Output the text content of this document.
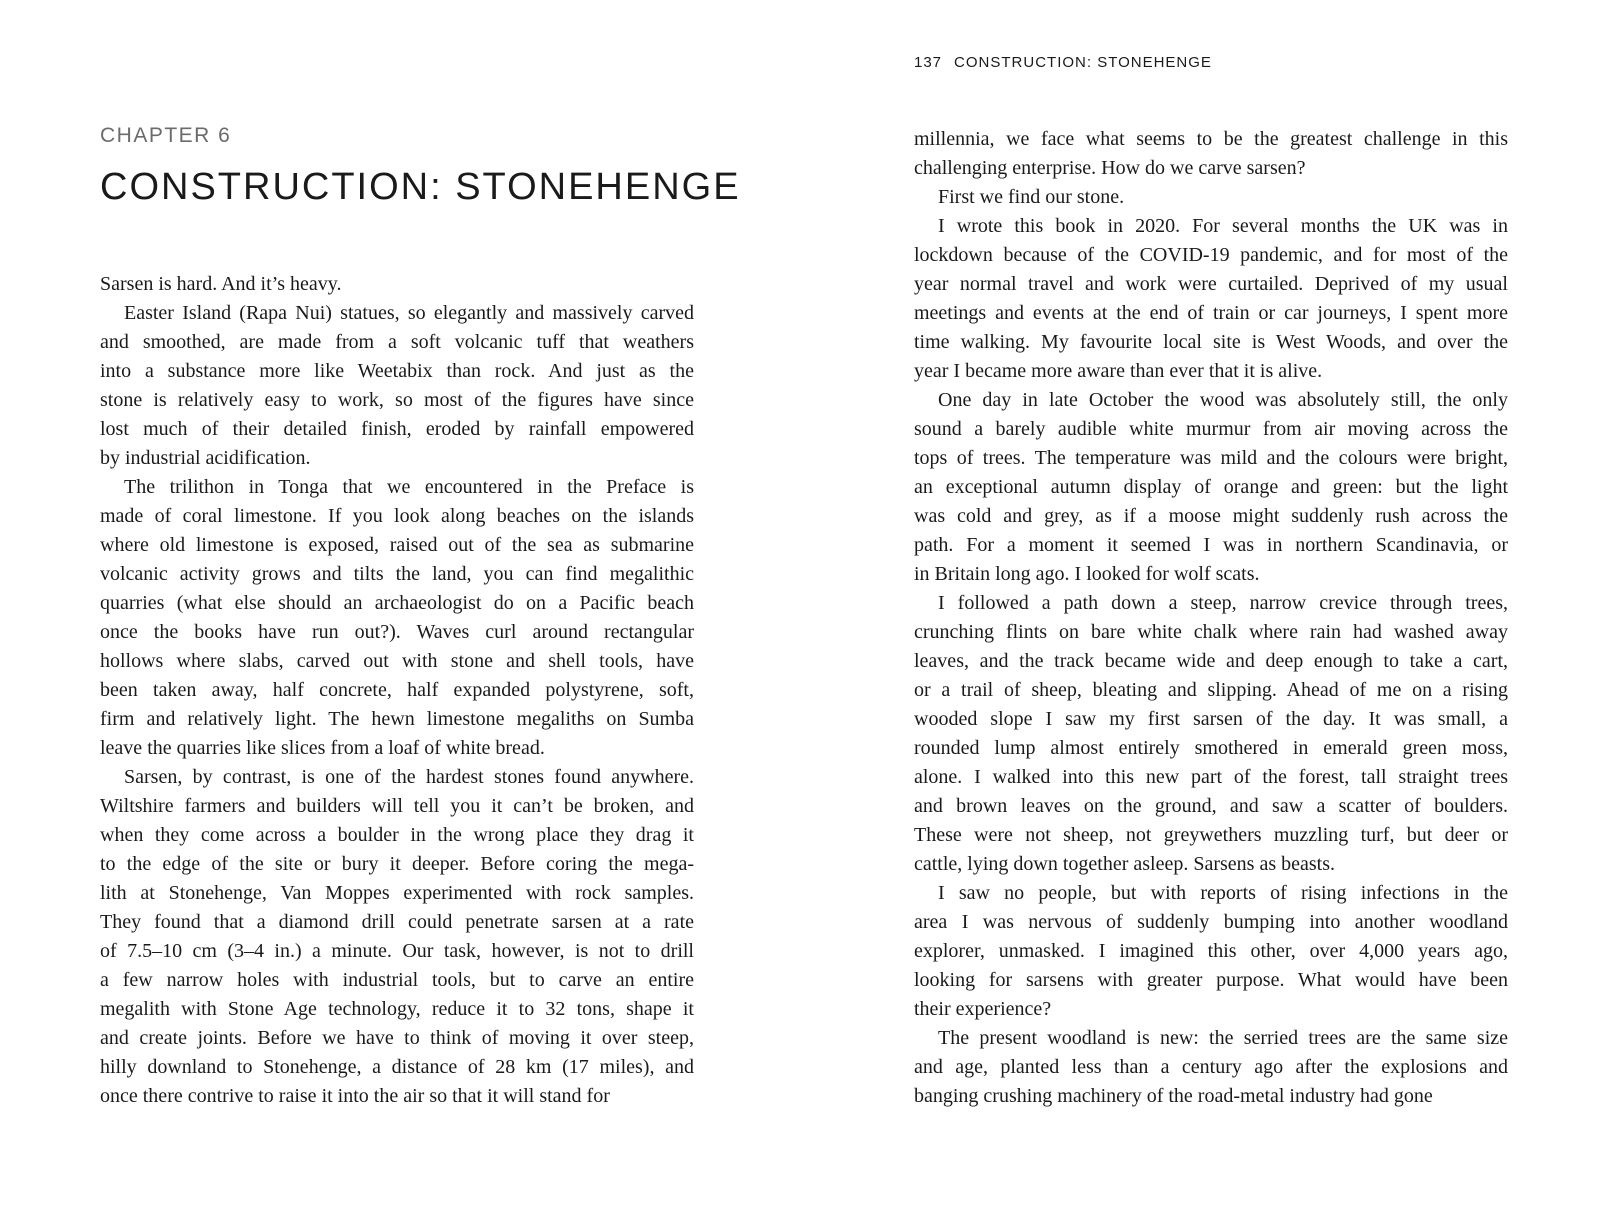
CHAPTER 6
CONSTRUCTION: STONEHENGE
Sarsen is hard. And it’s heavy.
Easter Island (Rapa Nui) statues, so elegantly and massively carved
and smoothed, are made from a soft volcanic tuff that weathers
into a substance more like Weetabix than rock. And just as the
stone is relatively easy to work, so most of the figures have since
lost much of their detailed finish, eroded by rainfall empowered
by industrial acidification.
The trilithon in Tonga that we encountered in the Preface is
made of coral limestone. If you look along beaches on the islands
where old limestone is exposed, raised out of the sea as submarine
volcanic activity grows and tilts the land, you can find megalithic
quarries (what else should an archaeologist do on a Pacific beach
once the books have run out?). Waves curl around rectangular
hollows where slabs, carved out with stone and shell tools, have
been taken away, half concrete, half expanded polystyrene, soft,
firm and relatively light. The hewn limestone megaliths on Sumba
leave the quarries like slices from a loaf of white bread.
Sarsen, by contrast, is one of the hardest stones found anywhere.
Wiltshire farmers and builders will tell you it can’t be broken, and
when they come across a boulder in the wrong place they drag it
to the edge of the site or bury it deeper. Before coring the mega-
lith at Stonehenge, Van Moppes experimented with rock samples.
They found that a diamond drill could penetrate sarsen at a rate
of 7.5–10 cm (3–4 in.) a minute. Our task, however, is not to drill
a few narrow holes with industrial tools, but to carve an entire
megalith with Stone Age technology, reduce it to 32 tons, shape it
and create joints. Before we have to think of moving it over steep,
hilly downland to Stonehenge, a distance of 28 km (17 miles), and
once there contrive to raise it into the air so that it will stand for
137 CONSTRUCTION: STONEHENGE
millennia, we face what seems to be the greatest challenge in this
challenging enterprise. How do we carve sarsen?
First we find our stone.
I wrote this book in 2020. For several months the UK was in
lockdown because of the COVID-19 pandemic, and for most of the
year normal travel and work were curtailed. Deprived of my usual
meetings and events at the end of train or car journeys, I spent more
time walking. My favourite local site is West Woods, and over the
year I became more aware than ever that it is alive.
One day in late October the wood was absolutely still, the only
sound a barely audible white murmur from air moving across the
tops of trees. The temperature was mild and the colours were bright,
an exceptional autumn display of orange and green: but the light
was cold and grey, as if a moose might suddenly rush across the
path. For a moment it seemed I was in northern Scandinavia, or
in Britain long ago. I looked for wolf scats.
I followed a path down a steep, narrow crevice through trees,
crunching flints on bare white chalk where rain had washed away
leaves, and the track became wide and deep enough to take a cart,
or a trail of sheep, bleating and slipping. Ahead of me on a rising
wooded slope I saw my first sarsen of the day. It was small, a
rounded lump almost entirely smothered in emerald green moss,
alone. I walked into this new part of the forest, tall straight trees
and brown leaves on the ground, and saw a scatter of boulders.
These were not sheep, not greywethers muzzling turf, but deer or
cattle, lying down together asleep. Sarsens as beasts.
I saw no people, but with reports of rising infections in the
area I was nervous of suddenly bumping into another woodland
explorer, unmasked. I imagined this other, over 4,000 years ago,
looking for sarsens with greater purpose. What would have been
their experience?
The present woodland is new: the serried trees are the same size
and age, planted less than a century ago after the explosions and
banging crushing machinery of the road-metal industry had gone
